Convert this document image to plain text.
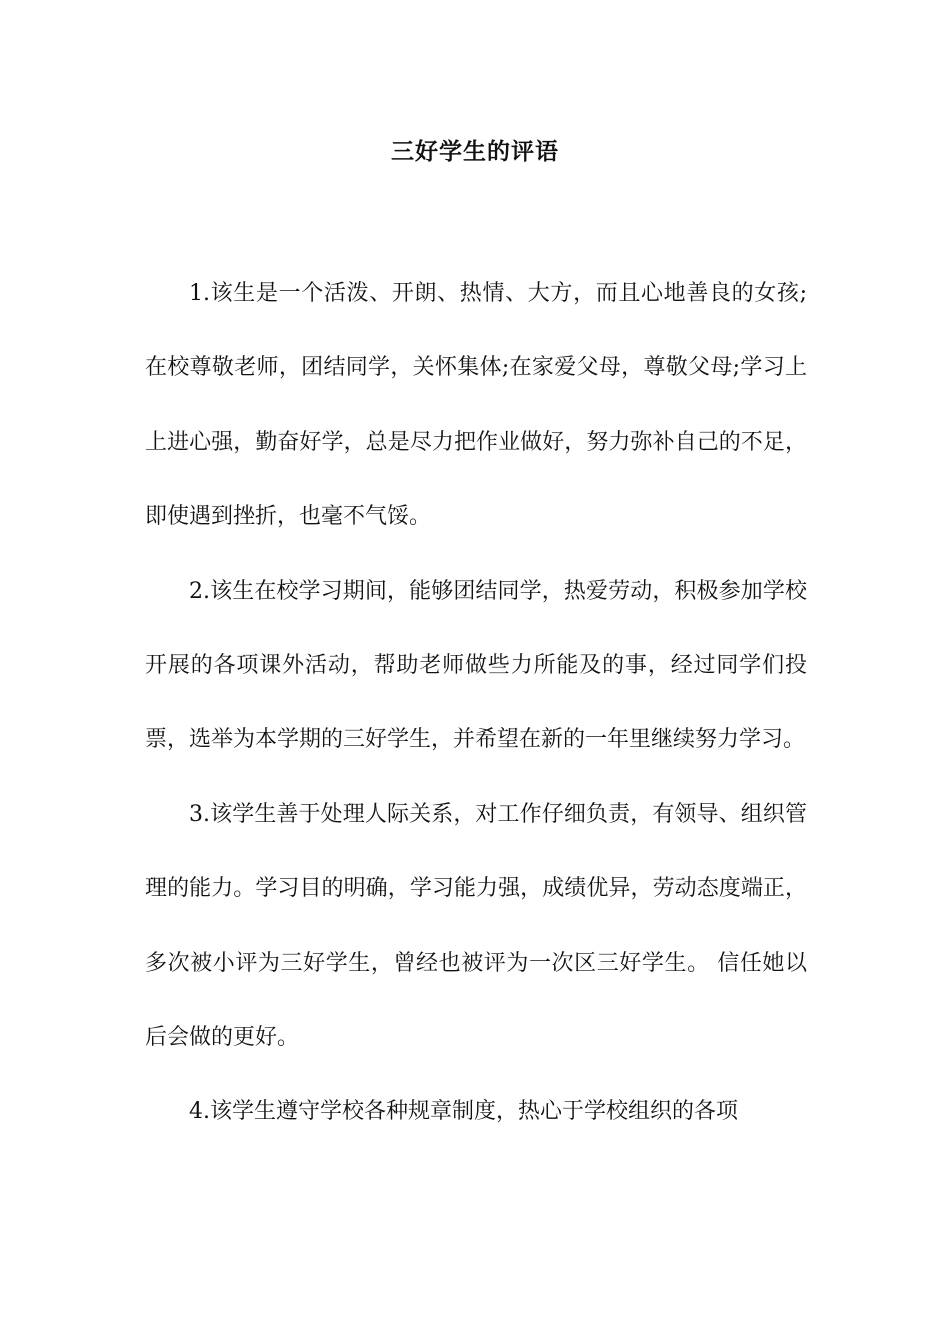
三好学生的评语

1.该生是一个活泼、开朗、热情、大方，而且心地善良的女孩;在校尊敬老师，团结同学，关怀集体;在家爱父母，尊敬父母;学习上上进心强，勤奋好学，总是尽力把作业做好，努力弥补自己的不足，即使遇到挫折，也毫不气馁。

2.该生在校学习期间，能够团结同学，热爱劳动，积极参加学校开展的各项课外活动，帮助老师做些力所能及的事，经过同学们投票，选举为本学期的三好学生，并希望在新的一年里继续努力学习。

3.该学生善于处理人际关系，对工作仔细负责，有领导、组织管理的能力。学习目的明确，学习能力强，成绩优异，劳动态度端正，多次被小评为三好学生，曾经也被评为一次区三好学生。 信任她以后会做的更好。

4.该学生遵守学校各种规章制度，热心于学校组织的各项
